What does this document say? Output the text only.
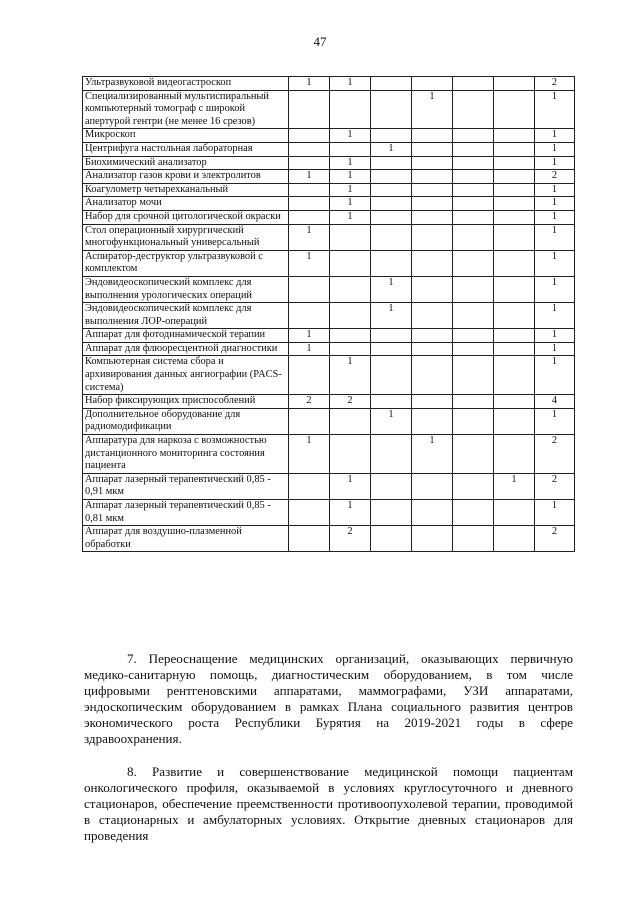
47
Ультразвуковой видеогастроскоп	1	1					2
Специализированный мультиспиральный компьютерный томограф с широкой апертурой гентри (не менее 16 срезов)				1			1
Микроскоп		1					1
Центрифуга настольная лабораторная			1				1
Биохимический анализатор		1					1
Анализатор газов крови и электролитов	1	1					2
Коагулометр четырехканальный		1					1
Анализатор мочи		1					1
Набор для срочной цитологической окраски		1					1
Стол операционный хирургический многофункциональный универсальный	1						1
Аспиратор-деструктор ультразвуковой с комплектом	1						1
Эндовидеоскопический комплекс для выполнения урологических операций			1				1
Эндовидеоскопический комплекс для выполнения ЛОР-операций			1				1
Аппарат для фотодинамической терапии	1						1
Аппарат для флюоресцентной диагностики	1						1
Компьютерная система сбора и архивирования данных ангиографии (PACS-система)		1					1
Набор фиксирующих приспособлений	2	2					4
Дополнительное оборудование для радиомодификации			1				1
Аппаратура для наркоза с возможностью дистанционного мониторинга состояния пациента	1			1			2
Аппарат лазерный терапевтический 0,85 - 0,91 мкм		1				1	2
Аппарат лазерный терапевтический 0,85 - 0,81 мкм		1					1
Аппарат для воздушно-плазменной обработки		2					2
7. Переоснащение медицинских организаций, оказывающих первичную медико-санитарную помощь, диагностическим оборудованием, в том числе цифровыми рентгеновскими аппаратами, маммографами, УЗИ аппаратами, эндоскопическим оборудованием в рамках Плана социального развития центров экономического роста Республики Бурятия на 2019-2021 годы в сфере здравоохранения.
8. Развитие и совершенствование медицинской помощи пациентам онкологического профиля, оказываемой в условиях круглосуточного и дневного стационаров, обеспечение преемственности противоопухолевой терапии, проводимой в стационарных и амбулаторных условиях. Открытие дневных стационаров для проведения
